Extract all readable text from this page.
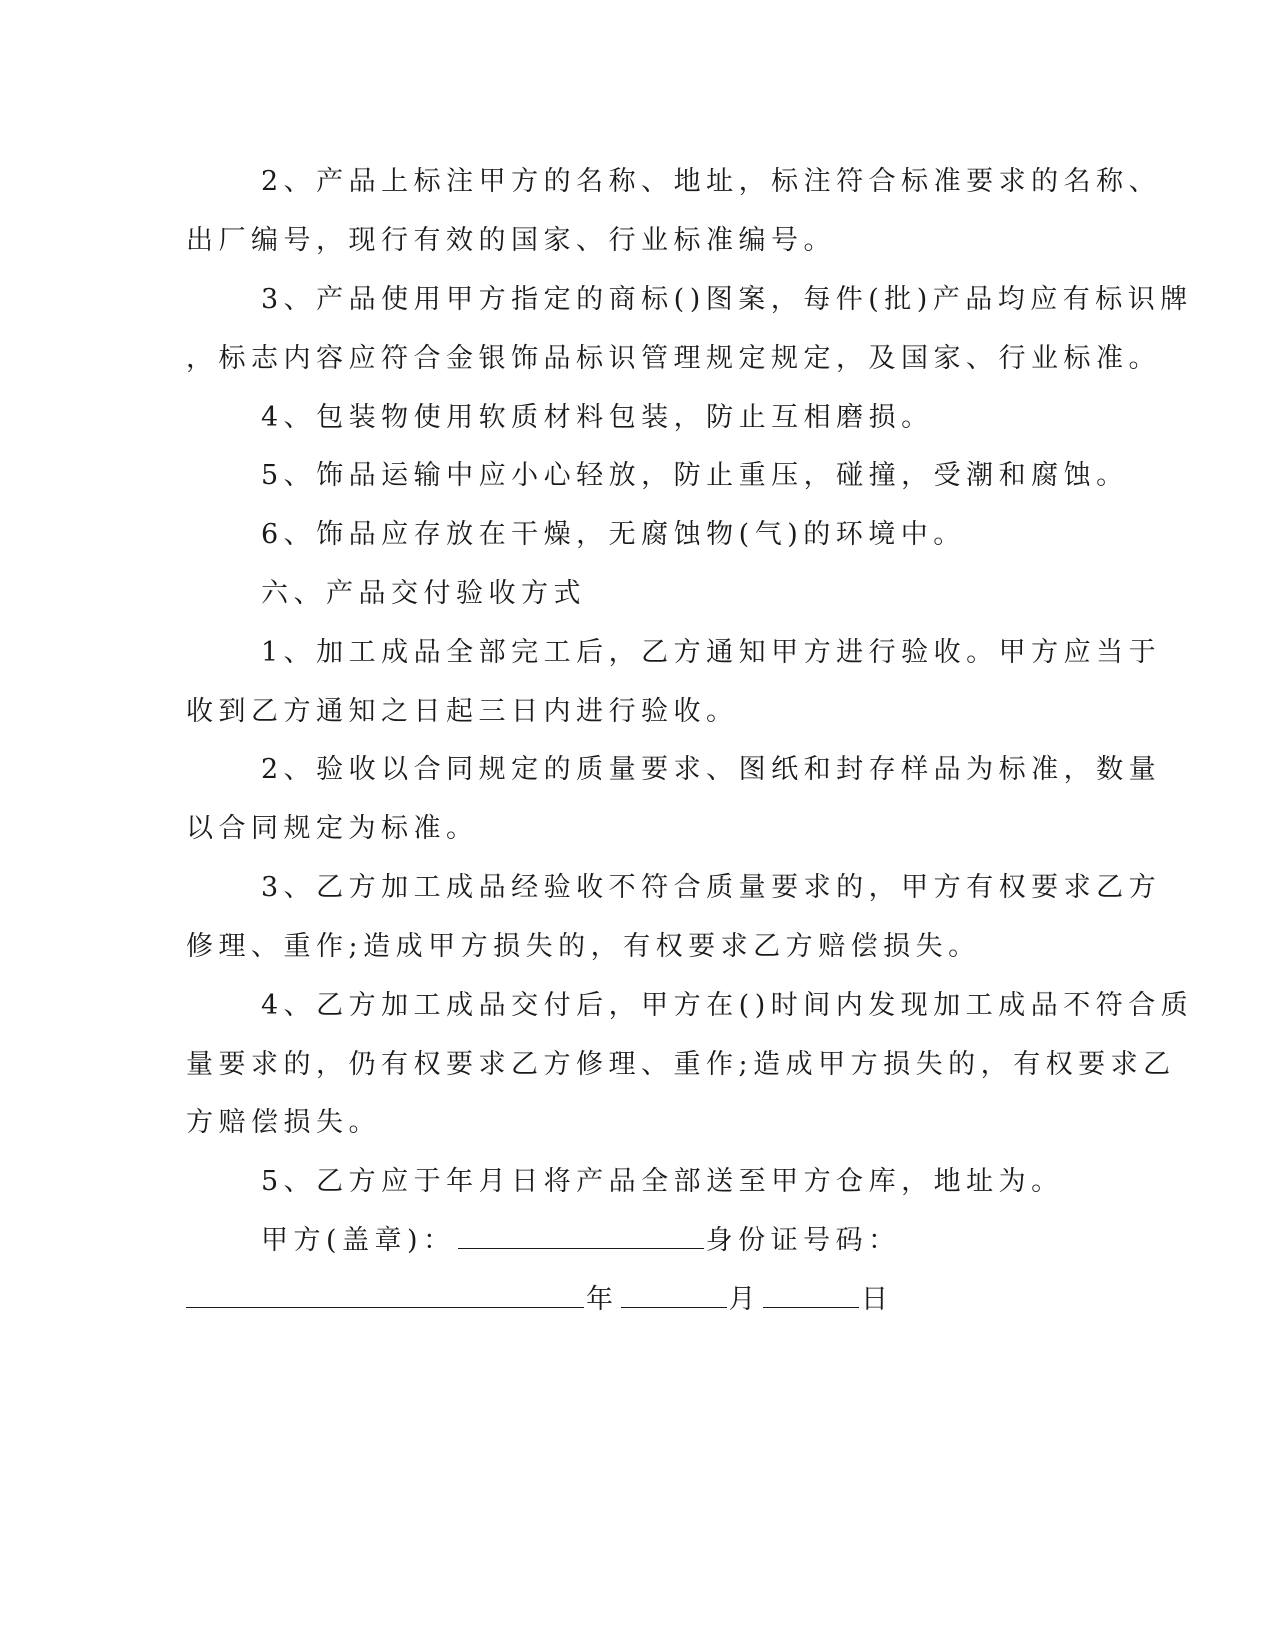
2、产品上标注甲方的名称、地址，标注符合标准要求的名称、
出厂编号，现行有效的国家、行业标准编号。
3、产品使用甲方指定的商标()图案，每件(批)产品均应有标识牌
，标志内容应符合金银饰品标识管理规定规定，及国家、行业标准。
4、包装物使用软质材料包装，防止互相磨损。
5、饰品运输中应小心轻放，防止重压，碰撞，受潮和腐蚀。
6、饰品应存放在干燥，无腐蚀物(气)的环境中。
六、产品交付验收方式
1、加工成品全部完工后，乙方通知甲方进行验收。甲方应当于
收到乙方通知之日起三日内进行验收。
2、验收以合同规定的质量要求、图纸和封存样品为标准，数量
以合同规定为标准。
3、乙方加工成品经验收不符合质量要求的，甲方有权要求乙方
修理、重作;造成甲方损失的，有权要求乙方赔偿损失。
4、乙方加工成品交付后，甲方在()时间内发现加工成品不符合质
量要求的，仍有权要求乙方修理、重作;造成甲方损失的，有权要求乙
方赔偿损失。
5、乙方应于年月日将产品全部送至甲方仓库，地址为。
甲方(盖章)：	身份证号码：
年	月	日
